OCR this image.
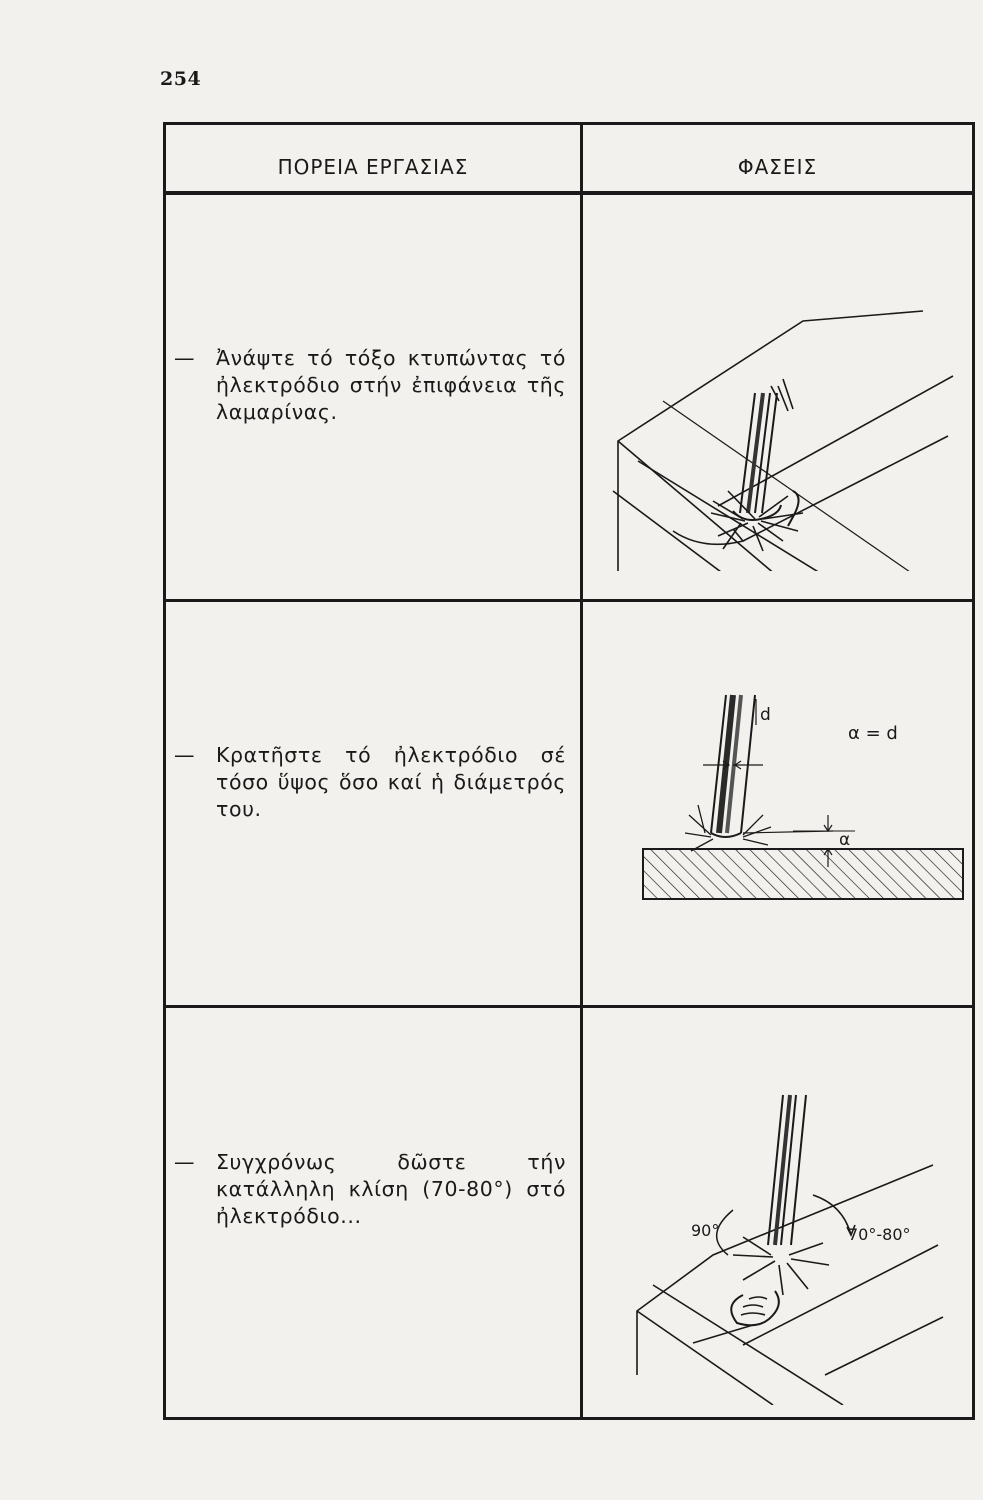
254
ΠΟΡΕΙΑ ΕΡΓΑΣΙΑΣ	ΦΑΣΕΙΣ
—	Ἀνάψτε τό τόξο κτυπώντας τό ἠλεκτρόδιο στήν ἐπιφάνεια τῆς λαμαρίνας.
—	Κρατῆστε τό ἠλεκτρόδιο σέ τόσο ὕψος ὅσο καί ἡ διάμετρός του.
d
α = d
α
—	Συγχρόνως δῶστε τήν κατάλληλη κλίση (70-80°) στό ἠλεκτρόδιο...
90°	70°-80°
